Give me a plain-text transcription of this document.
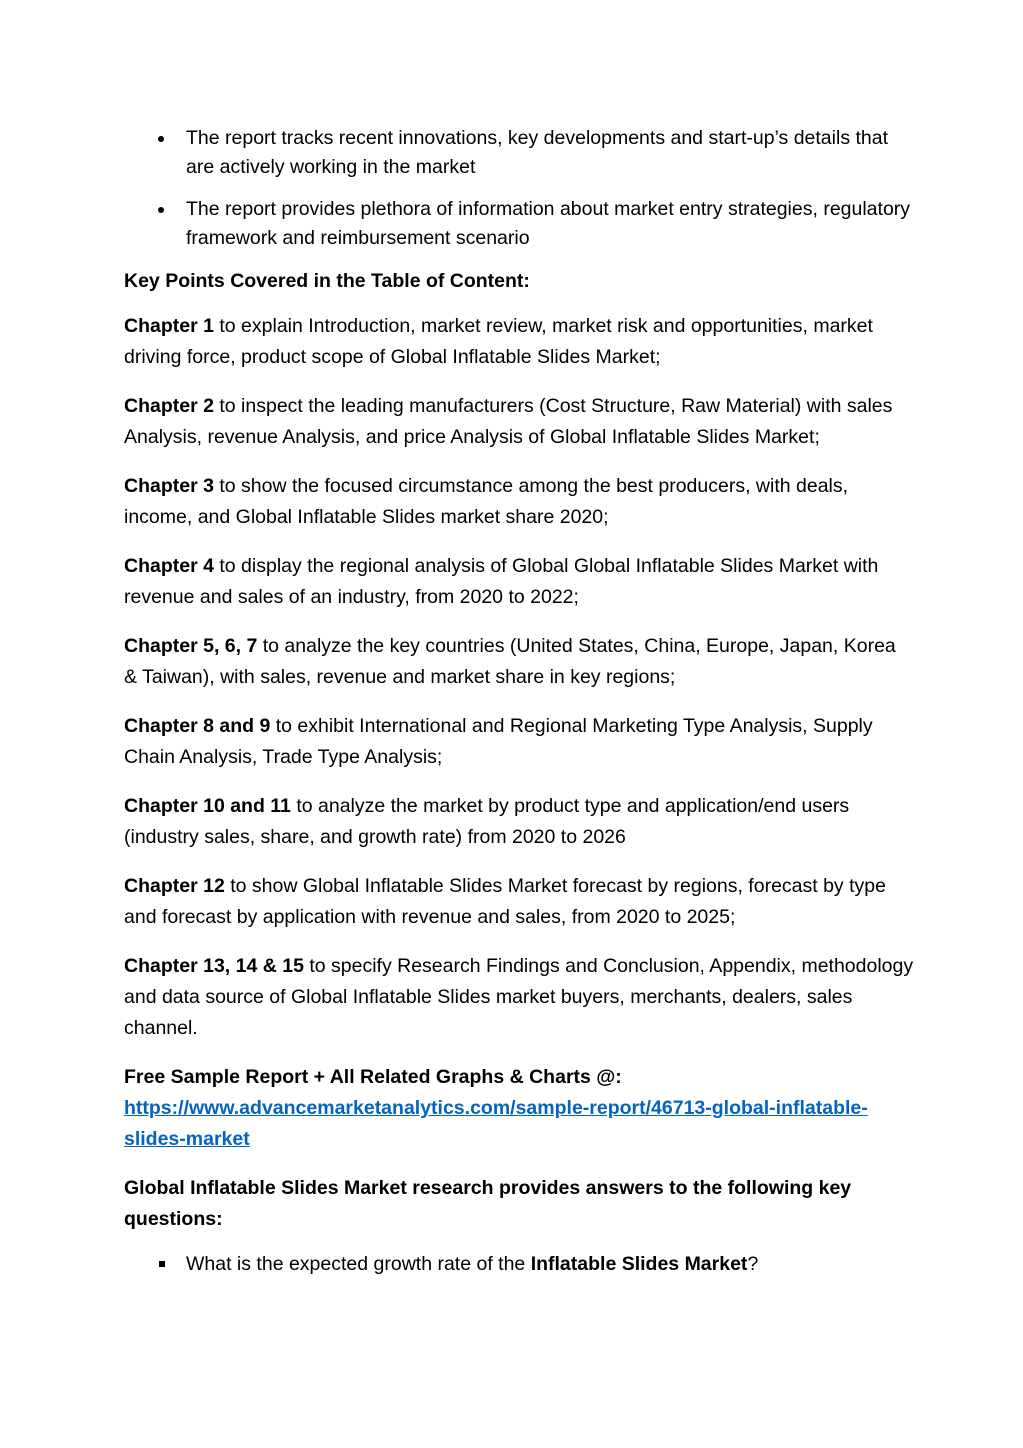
The report tracks recent innovations, key developments and start-up’s details that are actively working in the market
The report provides plethora of information about market entry strategies, regulatory framework and reimbursement scenario

Key Points Covered in the Table of Content:

Chapter 1 to explain Introduction, market review, market risk and opportunities, market driving force, product scope of Global Inflatable Slides Market;

Chapter 2 to inspect the leading manufacturers (Cost Structure, Raw Material) with sales Analysis, revenue Analysis, and price Analysis of Global Inflatable Slides Market;

Chapter 3 to show the focused circumstance among the best producers, with deals, income, and Global Inflatable Slides market share 2020;

Chapter 4 to display the regional analysis of Global Global Inflatable Slides Market with revenue and sales of an industry, from 2020 to 2022;

Chapter 5, 6, 7 to analyze the key countries (United States, China, Europe, Japan, Korea & Taiwan), with sales, revenue and market share in key regions;

Chapter 8 and 9 to exhibit International and Regional Marketing Type Analysis, Supply Chain Analysis, Trade Type Analysis;

Chapter 10 and 11 to analyze the market by product type and application/end users (industry sales, share, and growth rate) from 2020 to 2026

Chapter 12 to show Global Inflatable Slides Market forecast by regions, forecast by type and forecast by application with revenue and sales, from 2020 to 2025;

Chapter 13, 14 & 15 to specify Research Findings and Conclusion, Appendix, methodology and data source of Global Inflatable Slides market buyers, merchants, dealers, sales channel.

Free Sample Report + All Related Graphs & Charts @:
https://www.advancemarketanalytics.com/sample-report/46713-global-inflatable-slides-market

Global Inflatable Slides Market research provides answers to the following key questions:

What is the expected growth rate of the Inflatable Slides Market?
